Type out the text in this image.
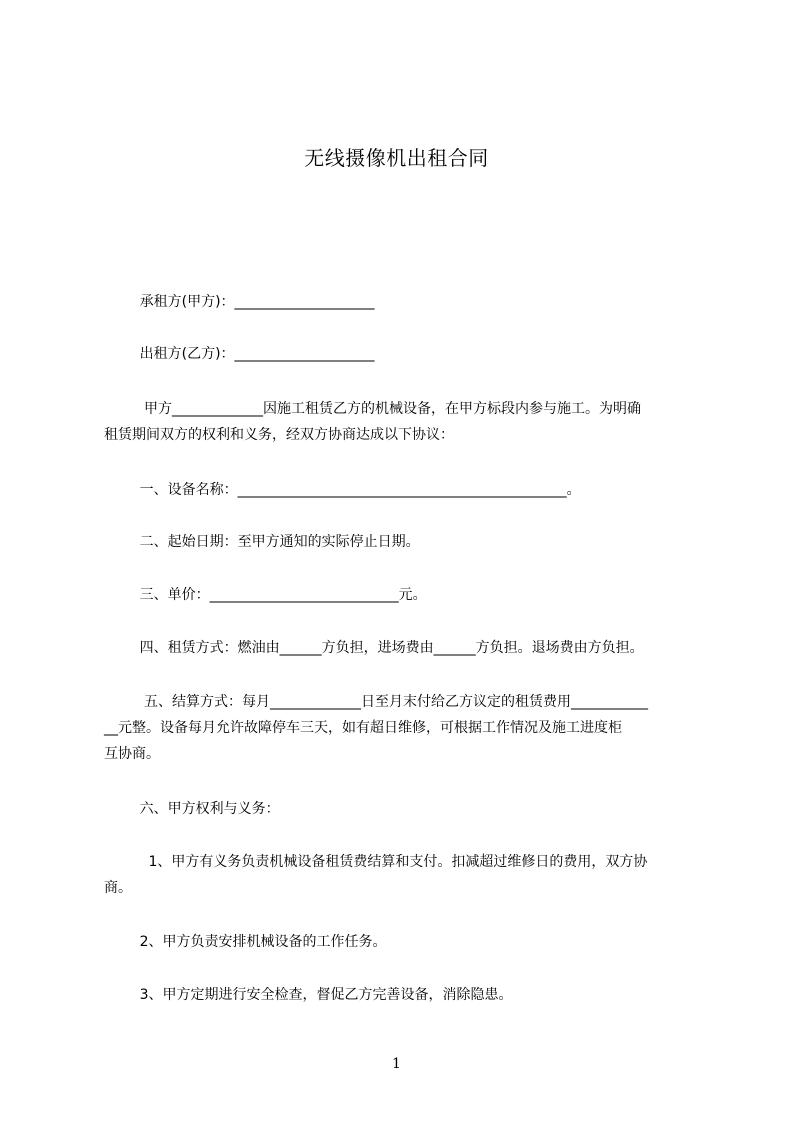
无线摄像机出租合同
承租方(甲方)：____________________
出租方(乙方)：____________________
甲方_____________因施工租赁乙方的机械设备，在甲方标段内参与施工。为明确
租赁期间双方的权利和义务，经双方协商达成以下协议：
一、设备名称：_______________________________________________。
二、起始日期：至甲方通知的实际停止日期。
三、单价：___________________________元。
四、租赁方式：燃油由______方负担，进场费由______方负担。退场费由方负担。
五、结算方式：每月_____________日至月末付给乙方议定的租赁费用___________
__元整。设备每月允许故障停车三天，如有超日维修，可根据工作情况及施工进度柜
互协商。
六、甲方权利与义务：
1、甲方有义务负责机械设备租赁费结算和支付。扣减超过维修日的费用，双方协
商。
2、甲方负责安排机械设备的工作任务。
3、甲方定期进行安全检查，督促乙方完善设备，消除隐患。
1
